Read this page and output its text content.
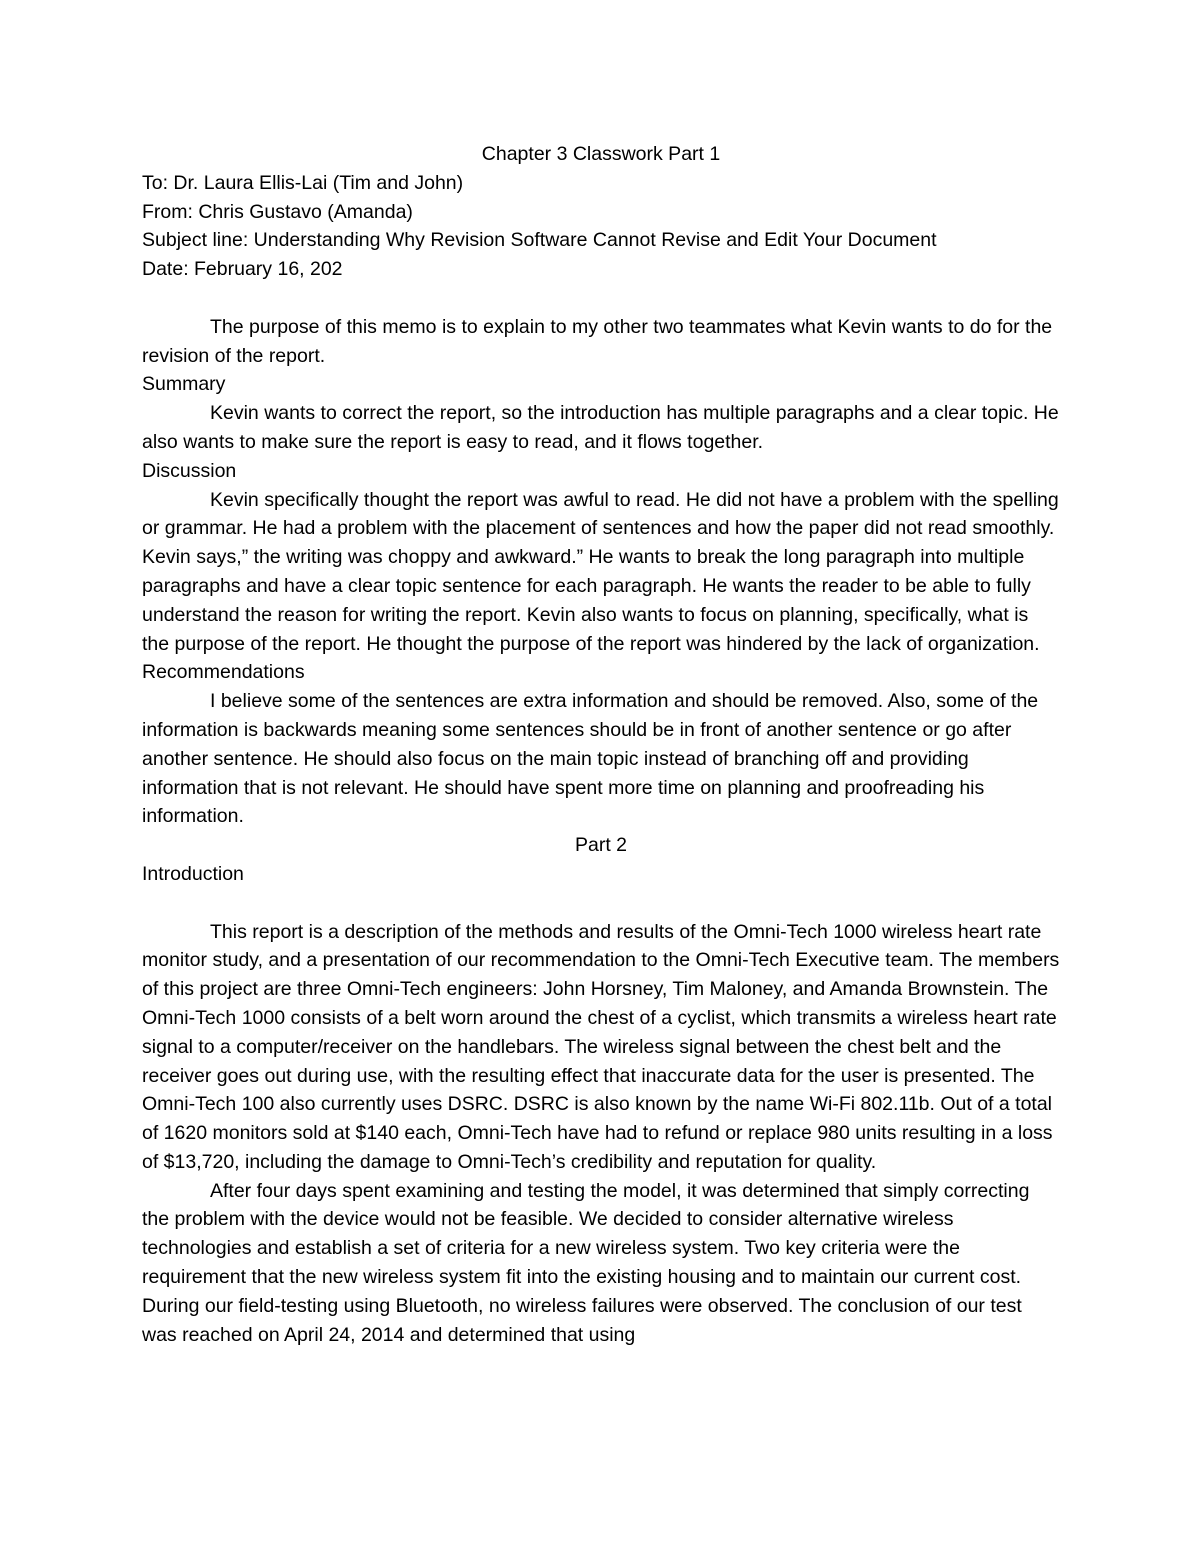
Chapter 3 Classwork Part 1

To: Dr. Laura Ellis-Lai (Tim and John)

From: Chris Gustavo (Amanda)

Subject line: Understanding Why Revision Software Cannot Revise and Edit Your Document

Date: February 16, 202

The purpose of this memo is to explain to my other two teammates what Kevin wants to do for the revision of the report.

Summary

Kevin wants to correct the report, so the introduction has multiple paragraphs and a clear topic. He also wants to make sure the report is easy to read, and it flows together.

Discussion

Kevin specifically thought the report was awful to read. He did not have a problem with the spelling or grammar. He had a problem with the placement of sentences and how the paper did not read smoothly. Kevin says,” the writing was choppy and awkward.” He wants to break the long paragraph into multiple paragraphs and have a clear topic sentence for each paragraph. He wants the reader to be able to fully understand the reason for writing the report. Kevin also wants to focus on planning, specifically, what is the purpose of the report. He thought the purpose of the report was hindered by the lack of organization.

Recommendations

I believe some of the sentences are extra information and should be removed. Also, some of the information is backwards meaning some sentences should be in front of another sentence or go after another sentence. He should also focus on the main topic instead of branching off and providing information that is not relevant. He should have spent more time on planning and proofreading his information.

Part 2

Introduction

This report is a description of the methods and results of the Omni-Tech 1000 wireless heart rate monitor study, and a presentation of our recommendation to the Omni-Tech Executive team. The members of this project are three Omni-Tech engineers: John Horsney, Tim Maloney, and Amanda Brownstein. The Omni-Tech 1000 consists of a belt worn around the chest of a cyclist, which transmits a wireless heart rate signal to a computer/receiver on the handlebars. The wireless signal between the chest belt and the receiver goes out during use, with the resulting effect that inaccurate data for the user is presented. The Omni-Tech 100 also currently uses DSRC. DSRC is also known by the name Wi-Fi 802.11b. Out of a total of 1620 monitors sold at $140 each, Omni-Tech have had to refund or replace 980 units resulting in a loss of $13,720, including the damage to Omni-Tech’s credibility and reputation for quality.

After four days spent examining and testing the model, it was determined that simply correcting the problem with the device would not be feasible. We decided to consider alternative wireless technologies and establish a set of criteria for a new wireless system. Two key criteria were the requirement that the new wireless system fit into the existing housing and to maintain our current cost. During our field-testing using Bluetooth, no wireless failures were observed. The conclusion of our test was reached on April 24, 2014 and determined that using
